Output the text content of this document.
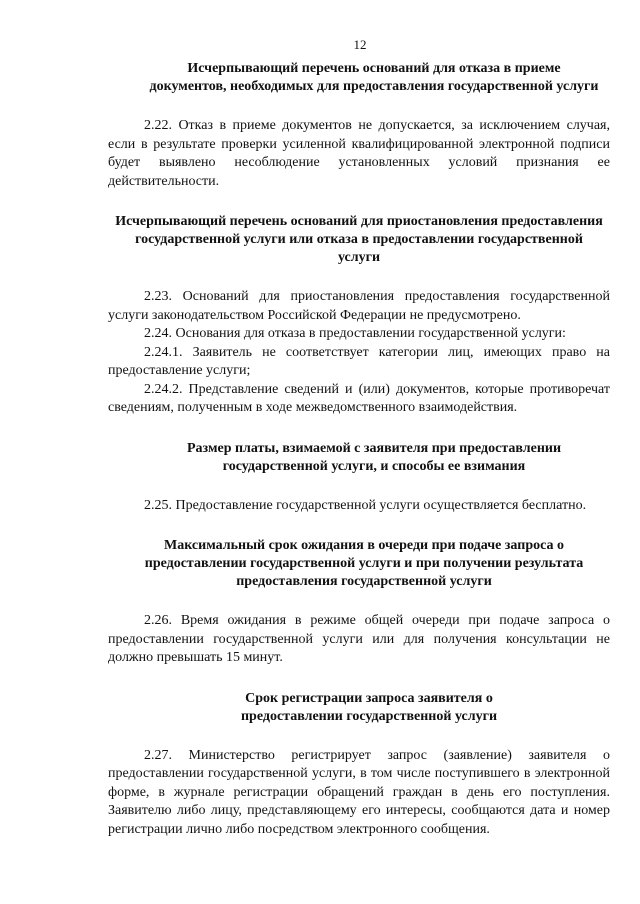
12

Исчерпывающий перечень оснований для отказа в приеме документов, необходимых для предоставления государственной услуги

2.22. Отказ в приеме документов не допускается, за исключением случая, если в результате проверки усиленной квалифицированной электронной подписи будет выявлено несоблюдение установленных условий признания ее действительности.

Исчерпывающий перечень оснований для приостановления предоставления государственной услуги или отказа в предоставлении государственной услуги

2.23. Оснований для приостановления предоставления государственной услуги законодательством Российской Федерации не предусмотрено.

2.24. Основания для отказа в предоставлении государственной услуги:

2.24.1. Заявитель не соответствует категории лиц, имеющих право на предоставление услуги;

2.24.2. Представление сведений и (или) документов, которые противоречат сведениям, полученным в ходе межведомственного взаимодействия.

Размер платы, взимаемой с заявителя при предоставлении государственной услуги, и способы ее взимания

2.25. Предоставление государственной услуги осуществляется бесплатно.

Максимальный срок ожидания в очереди при подаче запроса о предоставлении государственной услуги и при получении результата предоставления государственной услуги

2.26. Время ожидания в режиме общей очереди при подаче запроса о предоставлении государственной услуги или для получения консультации не должно превышать 15 минут.

Срок регистрации запроса заявителя о предоставлении государственной услуги

2.27. Министерство регистрирует запрос (заявление) заявителя о предоставлении государственной услуги, в том числе поступившего в электронной форме, в журнале регистрации обращений граждан в день его поступления. Заявителю либо лицу, представляющему его интересы, сообщаются дата и номер регистрации лично либо посредством электронного сообщения.
